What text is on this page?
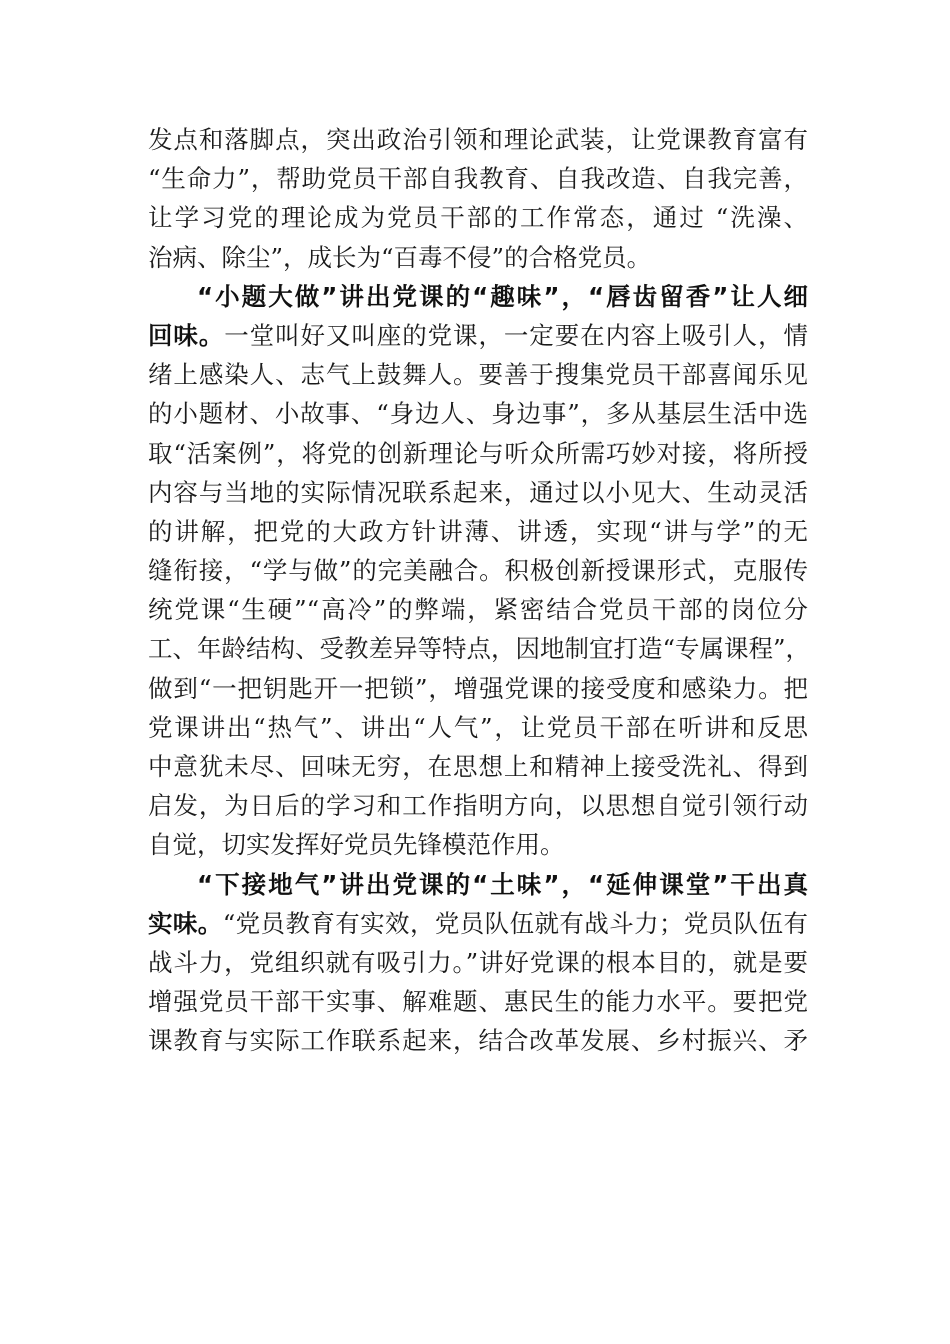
发点和落脚点，突出政治引领和理论武装，让党课教育富有
“生命力”，帮助党员干部自我教育、自我改造、自我完善，
让学习党的理论成为党员干部的工作常态，通过 “洗澡、
治病、除尘”，成长为“百毒不侵”的合格党员。
“小题大做”讲出党课的“趣味”，“唇齿留香”让人细
回味。一堂叫好又叫座的党课，一定要在内容上吸引人，情
绪上感染人、志气上鼓舞人。要善于搜集党员干部喜闻乐见
的小题材、小故事、“身边人、身边事”，多从基层生活中选
取“活案例”，将党的创新理论与听众所需巧妙对接，将所授
内容与当地的实际情况联系起来，通过以小见大、生动灵活
的讲解，把党的大政方针讲薄、讲透，实现“讲与学”的无
缝衔接，“学与做”的完美融合。积极创新授课形式，克服传
统党课“生硬”“高冷”的弊端，紧密结合党员干部的岗位分
工、年龄结构、受教差异等特点，因地制宜打造“专属课程”，
做到“一把钥匙开一把锁”，增强党课的接受度和感染力。把
党课讲出“热气”、讲出“人气”，让党员干部在听讲和反思
中意犹未尽、回味无穷，在思想上和精神上接受洗礼、得到
启发，为日后的学习和工作指明方向，以思想自觉引领行动
自觉，切实发挥好党员先锋模范作用。
“下接地气”讲出党课的“土味”，“延伸课堂”干出真
实味。“党员教育有实效，党员队伍就有战斗力；党员队伍有
战斗力，党组织就有吸引力。”讲好党课的根本目的，就是要
增强党员干部干实事、解难题、惠民生的能力水平。要把党
课教育与实际工作联系起来，结合改革发展、乡村振兴、矛
